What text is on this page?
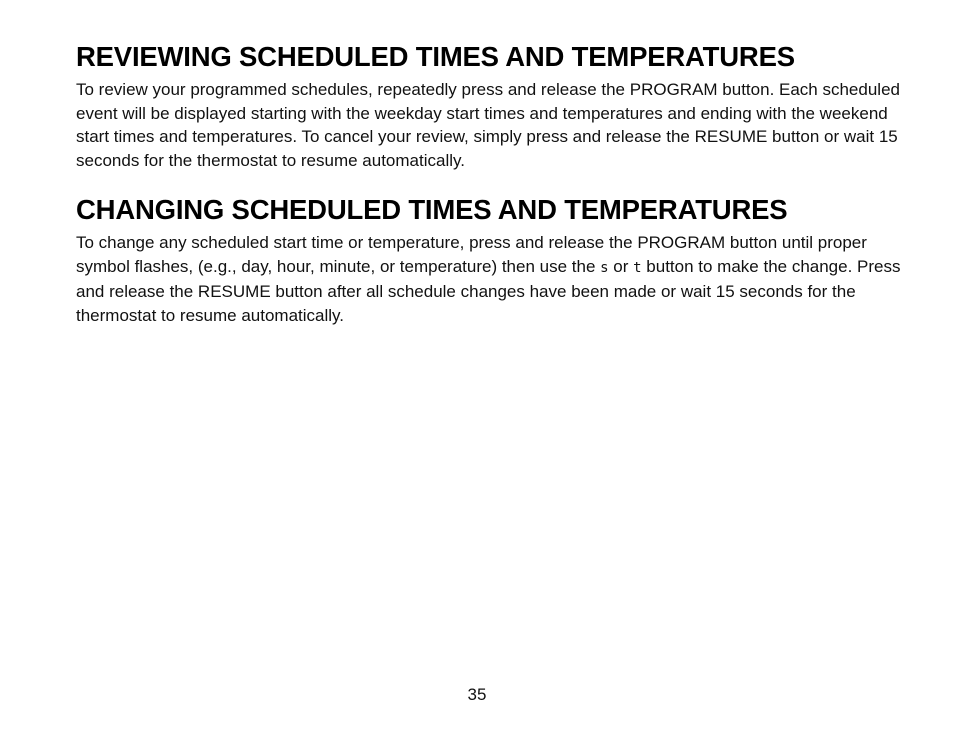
REVIEWING SCHEDULED TIMES AND TEMPERATURES

To review your programmed schedules, repeatedly press and release the PROGRAM button. Each scheduled event will be displayed starting with the weekday start times and temperatures and ending with the weekend start times and temperatures. To cancel your review, simply press and release the RESUME button or wait 15 seconds for the thermostat to resume automatically.

CHANGING SCHEDULED TIMES AND TEMPERATURES

To change any scheduled start time or temperature, press and release the PROGRAM button until proper symbol flashes, (e.g., day, hour, minute, or temperature) then use the s or t button to make the change. Press and release the RESUME button after all schedule changes have been made or wait 15 seconds for the thermostat to resume automatically.

35
